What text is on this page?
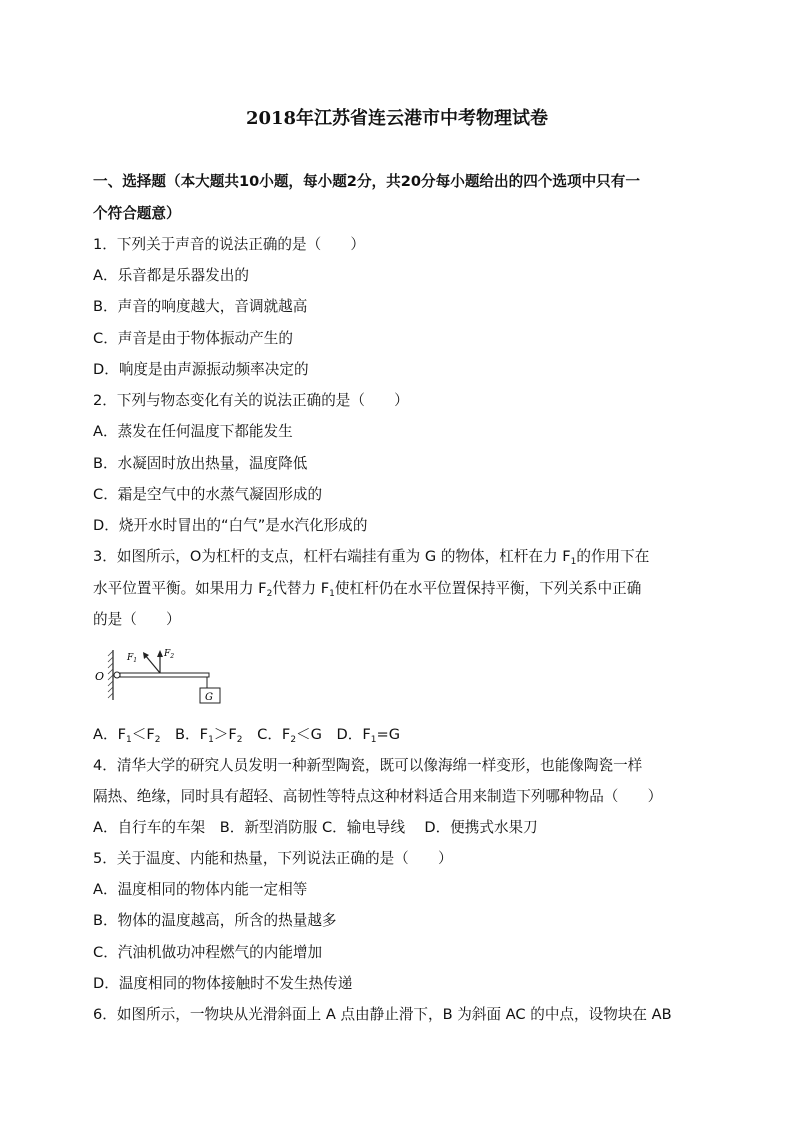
2018年江苏省连云港市中考物理试卷
一、选择题（本大题共10小题，每小题2分，共20分每小题给出的四个选项中只有一
个符合题意）
1．下列关于声音的说法正确的是（　　）
A．乐音都是乐器发出的
B．声音的响度越大，音调就越高
C．声音是由于物体振动产生的
D．响度是由声源振动频率决定的
2．下列与物态变化有关的说法正确的是（　　）
A．蒸发在任何温度下都能发生
B．水凝固时放出热量，温度降低
C．霜是空气中的水蒸气凝固形成的
D．烧开水时冒出的“白气”是水汽化形成的
3．如图所示，O为杠杆的支点，杠杆右端挂有重为 G 的物体，杠杆在力 $F_1$的作用下在
水平位置平衡。如果用力 $F_2$代替力 $F_1$使杠杆仍在水平位置保持平衡，下列关系中正确
的是（　　）
O
$F_1$
$F_2$
G
A．$F_1<F_2$　B．$F_1>F_2$　C．$F_2<G$　D．$F_1=G$
4．清华大学的研究人员发明一种新型陶瓷，既可以像海绵一样变形，也能像陶瓷一样
隔热、绝缘，同时具有超轻、高韧性等特点这种材料适合用来制造下列哪种物品（　　）
A．自行车的车架　B．新型消防服 C．输电导线　 D．便携式水果刀
5．关于温度、内能和热量，下列说法正确的是（　　）
A．温度相同的物体内能一定相等
B．物体的温度越高，所含的热量越多
C．汽油机做功冲程燃气的内能增加
D．温度相同的物体接触时不发生热传递
6．如图所示，一物块从光滑斜面上 A 点由静止滑下，B 为斜面 AC 的中点，设物块在 AB
